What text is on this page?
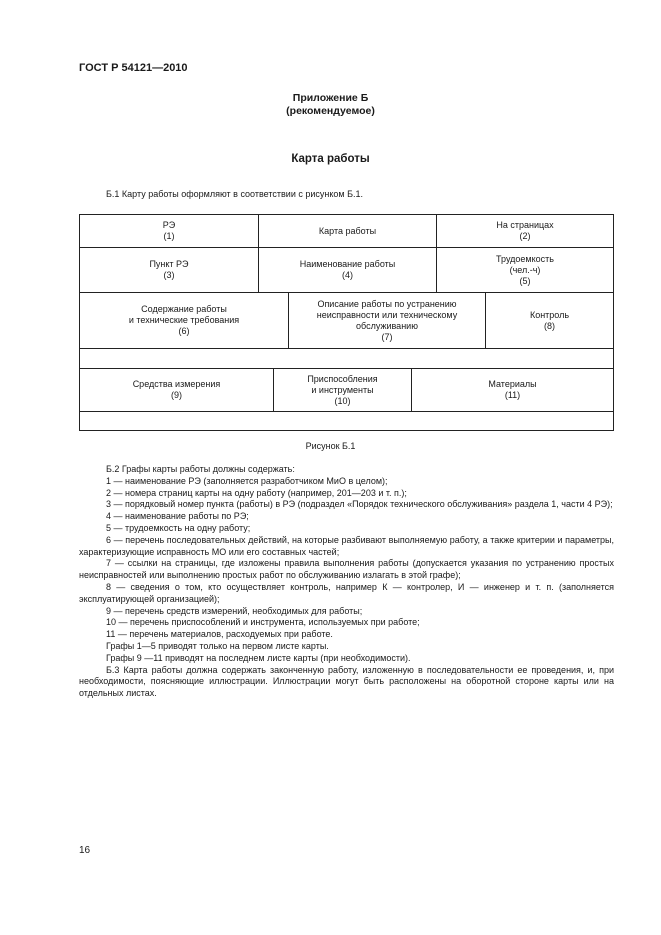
ГОСТ Р 54121—2010
Приложение Б
(рекомендуемое)
Карта работы
Б.1 Карту работы оформляют в соответствии с рисунком Б.1.
РЭ
(1)
Карта работы
На страницах
(2)
Пункт РЭ
(3)
Наименование работы
(4)
Трудоемкость
(чел.-ч)
(5)
Содержание работы
и технические требования
(6)
Описание работы по устранению
неисправности или техническому
обслуживанию
(7)
Контроль
(8)
Средства измерения
(9)
Приспособления
и инструменты
(10)
Материалы
(11)
Рисунок Б.1

Б.2 Графы карты работы должны содержать:

1 — наименование РЭ (заполняется разработчиком МиО в целом);

2 — номера страниц карты на одну работу (например, 201—203 и т. п.);

3 — порядковый номер пункта (работы) в РЭ (подраздел «Порядок технического обслуживания» раздела 1, части 4 РЭ);

4 — наименование работы по РЭ;

5 — трудоемкость на одну работу;

6 — перечень последовательных действий, на которые разбивают выполняемую работу, а также критерии и параметры, характеризующие исправность МО или его составных частей;

7 — ссылки на страницы, где изложены правила выполнения работы (допускается указания по устранению простых неисправностей или выполнению простых работ по обслуживанию излагать в этой графе);

8 — сведения о том, кто осуществляет контроль, например К — контролер, И — инженер и т. п. (заполняется эксплуатирующей организацией);

9 — перечень средств измерений, необходимых для работы;

10 — перечень приспособлений и инструмента, используемых при работе;

11 — перечень материалов, расходуемых при работе.

Графы 1—5 приводят только на первом листе карты.

Графы 9 —11 приводят на последнем листе карты (при необходимости).

Б.3 Карта работы должна содержать законченную работу, изложенную в последовательности ее проведения, и, при необходимости, поясняющие иллюстрации. Иллюстрации могут быть расположены на оборотной стороне карты или на отдельных листах.

16
